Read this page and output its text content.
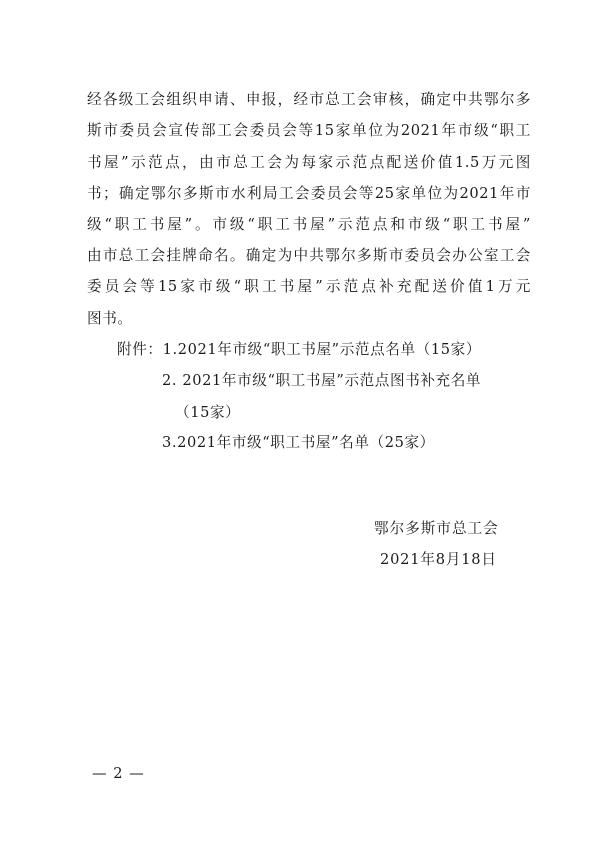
经各级工会组织申请、申报，经市总工会审核，确定中共鄂尔多
斯市委员会宣传部工会委员会等15家单位为2021年市级“职工
书屋”示范点，由市总工会为每家示范点配送价值1.5万元图
书；确定鄂尔多斯市水利局工会委员会等25家单位为2021年市
级“职工书屋”。市级“职工书屋”示范点和市级“职工书屋”
由市总工会挂牌命名。确定为中共鄂尔多斯市委员会办公室工会
委员会等15家市级“职工书屋”示范点补充配送价值1万元
图书。
附件：1.2021年市级“职工书屋”示范点名单（15家）
2. 2021年市级“职工书屋”示范点图书补充名单
（15家）
3.2021年市级“职工书屋”名单（25家）
鄂尔多斯市总工会
2021年8月18日
— 2 —
